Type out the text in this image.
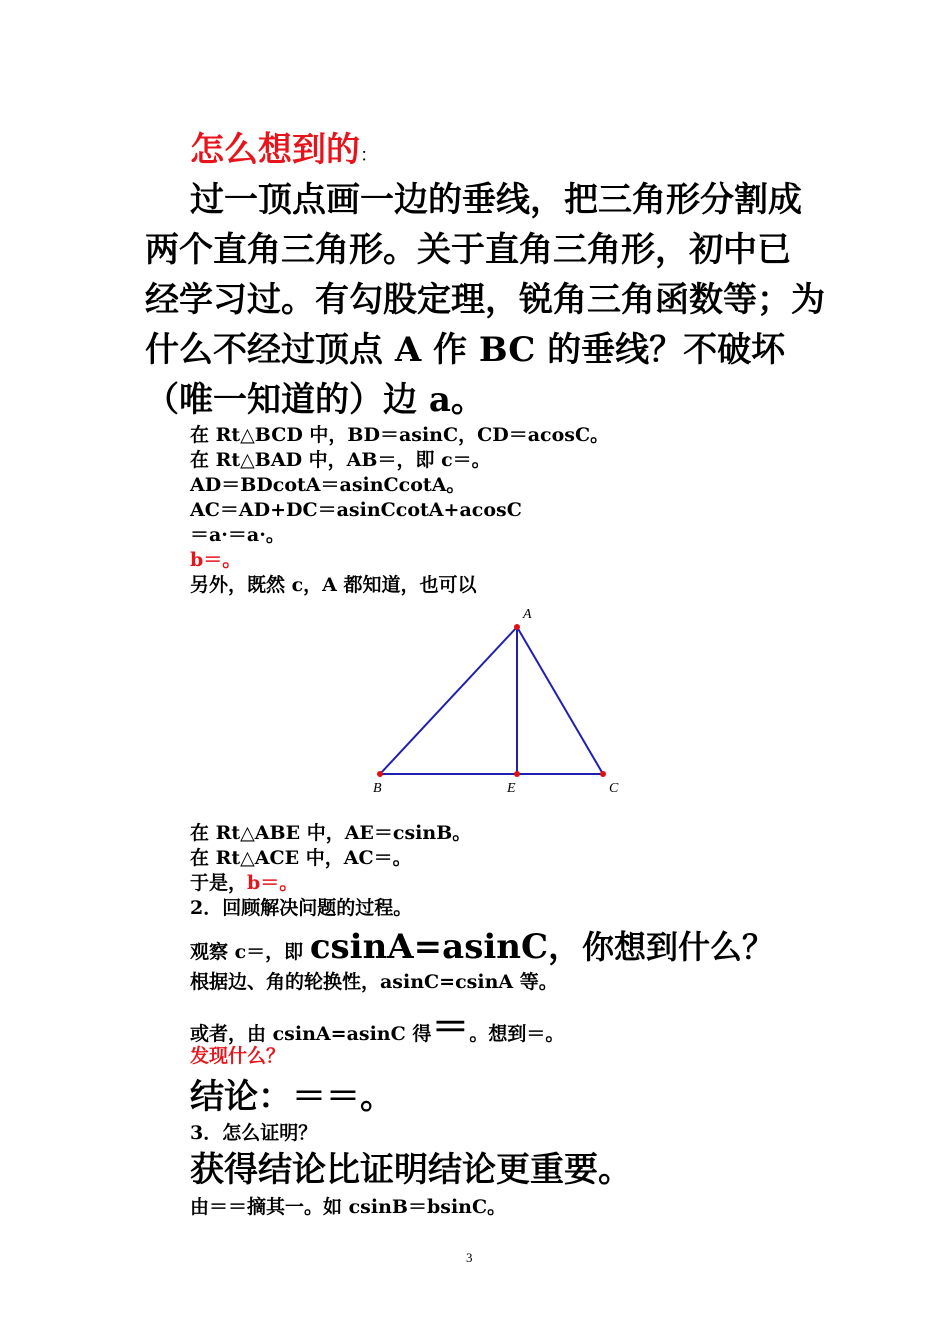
怎么想到的：
过一顶点画一边的垂线，把三角形分割成
两个直角三角形。关于直角三角形，初中已
经学习过。有勾股定理，锐角三角函数等；为
什么不经过顶点 A 作 BC 的垂线？不破坏
（唯一知道的）边 a。
在 Rt△BCD 中，BD＝asinC，CD＝acosC。
在 Rt△BAD 中，AB＝，即 c＝。
AD＝BDcotA＝asinCcotA。
AC＝AD+DC＝asinCcotA+acosC
＝a·＝a·。
b＝。
另外，既然 c，A 都知道，也可以
A
B	E	C
在 Rt△ABE 中，AE＝csinB。
在 Rt△ACE 中，AC＝。
于是，b＝。
2．回顾解决问题的过程。
观察 c＝，即 csinA=asinC，你想到什么？
根据边、角的轮换性，asinC=csinA 等。
或者，由 csinA=asinC 得＝。想到＝。
发现什么？
结论：＝＝。
3．怎么证明？
获得结论比证明结论更重要。
由＝＝摘其一。如 csinB＝bsinC。
3
